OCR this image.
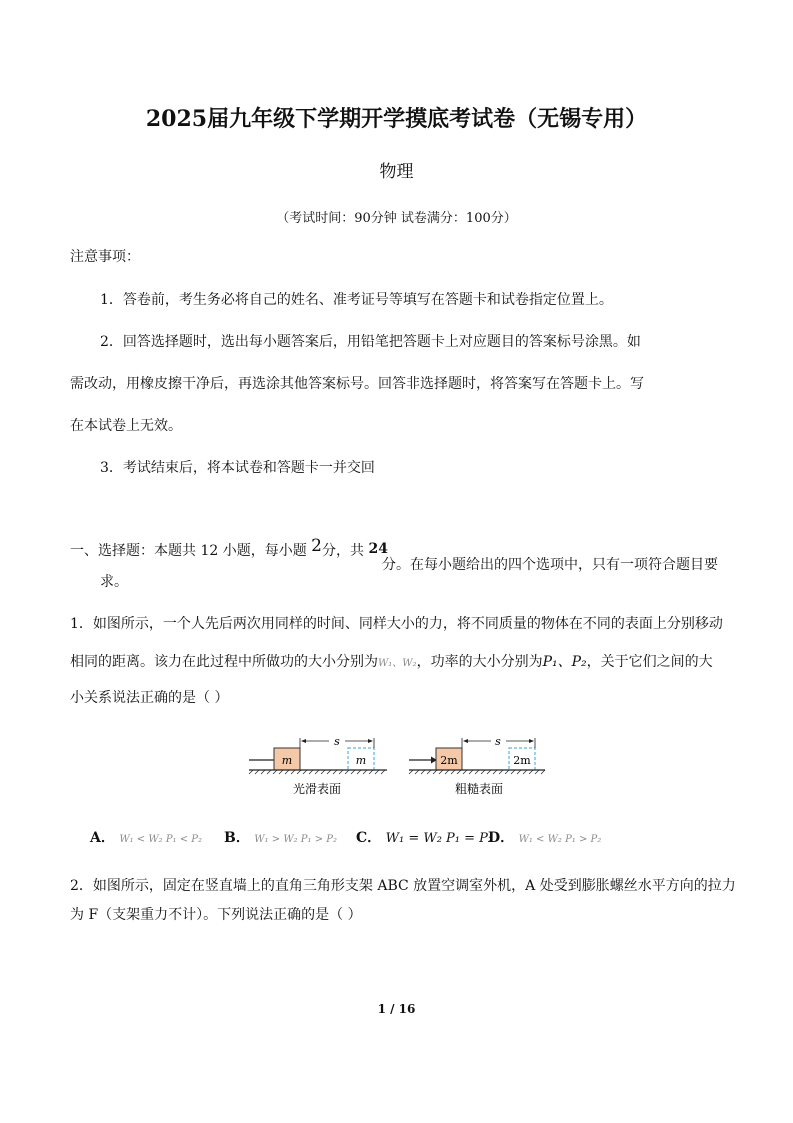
2025届九年级下学期开学摸底考试卷（无锡专用）
物理
（考试时间：90分钟 试卷满分：100分）
注意事项：
1．答卷前，考生务必将自己的姓名、准考证号等填写在答题卡和试卷指定位置上。
2．回答选择题时，选出每小题答案后，用铅笔把答题卡上对应题目的答案标号涂黑。如
需改动，用橡皮擦干净后，再选涂其他答案标号。回答非选择题时，将答案写在答题卡上。写
在本试卷上无效。
3．考试结束后，将本试卷和答题卡一并交回
一、选择题：本题共 12 小题，每小题 2分，共 24
分。在每小题给出的四个选项中，只有一项符合题目要
求。
1．如图所示，一个人先后两次用同样的时间、同样大小的力，将不同质量的物体在不同的表面上分别移动
相同的距离。该力在此过程中所做功的大小分别为W₁、W₂，功率的大小分别为P₁、P₂，关于它们之间的大
小关系说法正确的是（ ）
m	m
s
光滑表面
2m	2m
s
粗糙表面
A． W₁ < W₂ P₁ < P₂ B． W₁ > W₂ P₁ > P₂ C． W₁ = W₂ P₁ = P₂
D． W₁ < W₂ P₁ > P₂
2．如图所示，固定在竖直墙上的直角三角形支架 ABC 放置空调室外机，A 处受到膨胀螺丝水平方向的拉力
为 F（支架重力不计）。下列说法正确的是（ ）
1 / 16
